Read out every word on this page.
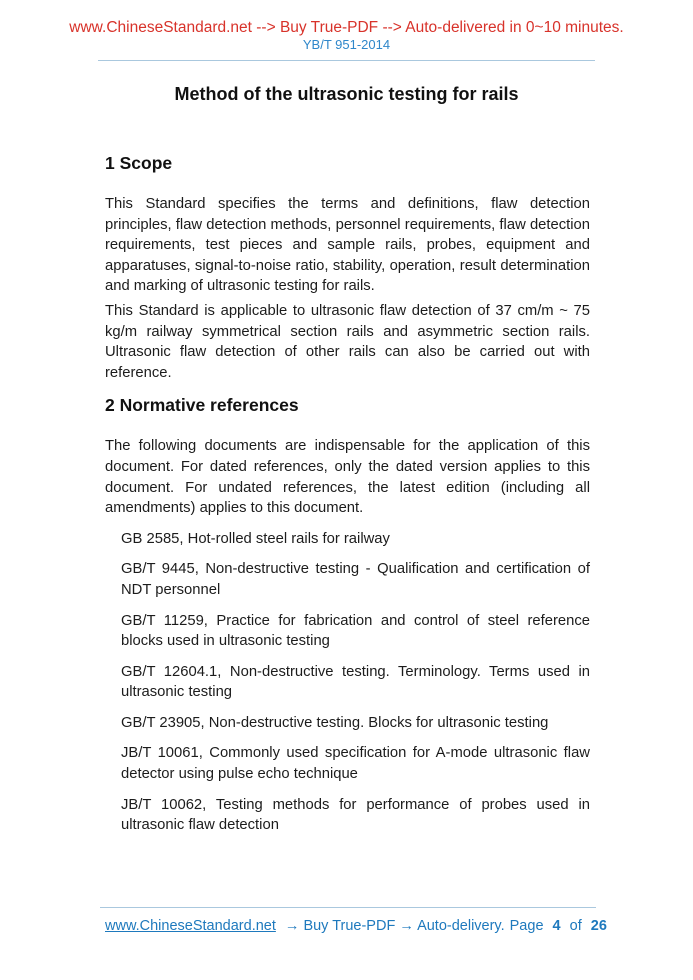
www.ChineseStandard.net --> Buy True-PDF --> Auto-delivered in 0~10 minutes.
YB/T 951-2014
Method of the ultrasonic testing for rails
1 Scope

This Standard specifies the terms and definitions, flaw detection principles, flaw detection methods, personnel requirements, flaw detection requirements, test pieces and sample rails, probes, equipment and apparatuses, signal-to-noise ratio, stability, operation, result determination and marking of ultrasonic testing for rails.

This Standard is applicable to ultrasonic flaw detection of 37 cm/m ~ 75 kg/m railway symmetrical section rails and asymmetric section rails. Ultrasonic flaw detection of other rails can also be carried out with reference.

2 Normative references

The following documents are indispensable for the application of this document. For dated references, only the dated version applies to this document. For undated references, the latest edition (including all amendments) applies to this document.

GB 2585, Hot-rolled steel rails for railway

GB/T 9445, Non-destructive testing - Qualification and certification of NDT personnel

GB/T 11259, Practice for fabrication and control of steel reference blocks used in ultrasonic testing

GB/T 12604.1, Non-destructive testing. Terminology. Terms used in ultrasonic testing

GB/T 23905, Non-destructive testing. Blocks for ultrasonic testing

JB/T 10061, Commonly used specification for A-mode ultrasonic flaw detector using pulse echo technique

JB/T 10062, Testing methods for performance of probes used in ultrasonic flaw detection

www.ChineseStandard.net → Buy True-PDF → Auto-delivery. Page 4 of 26
